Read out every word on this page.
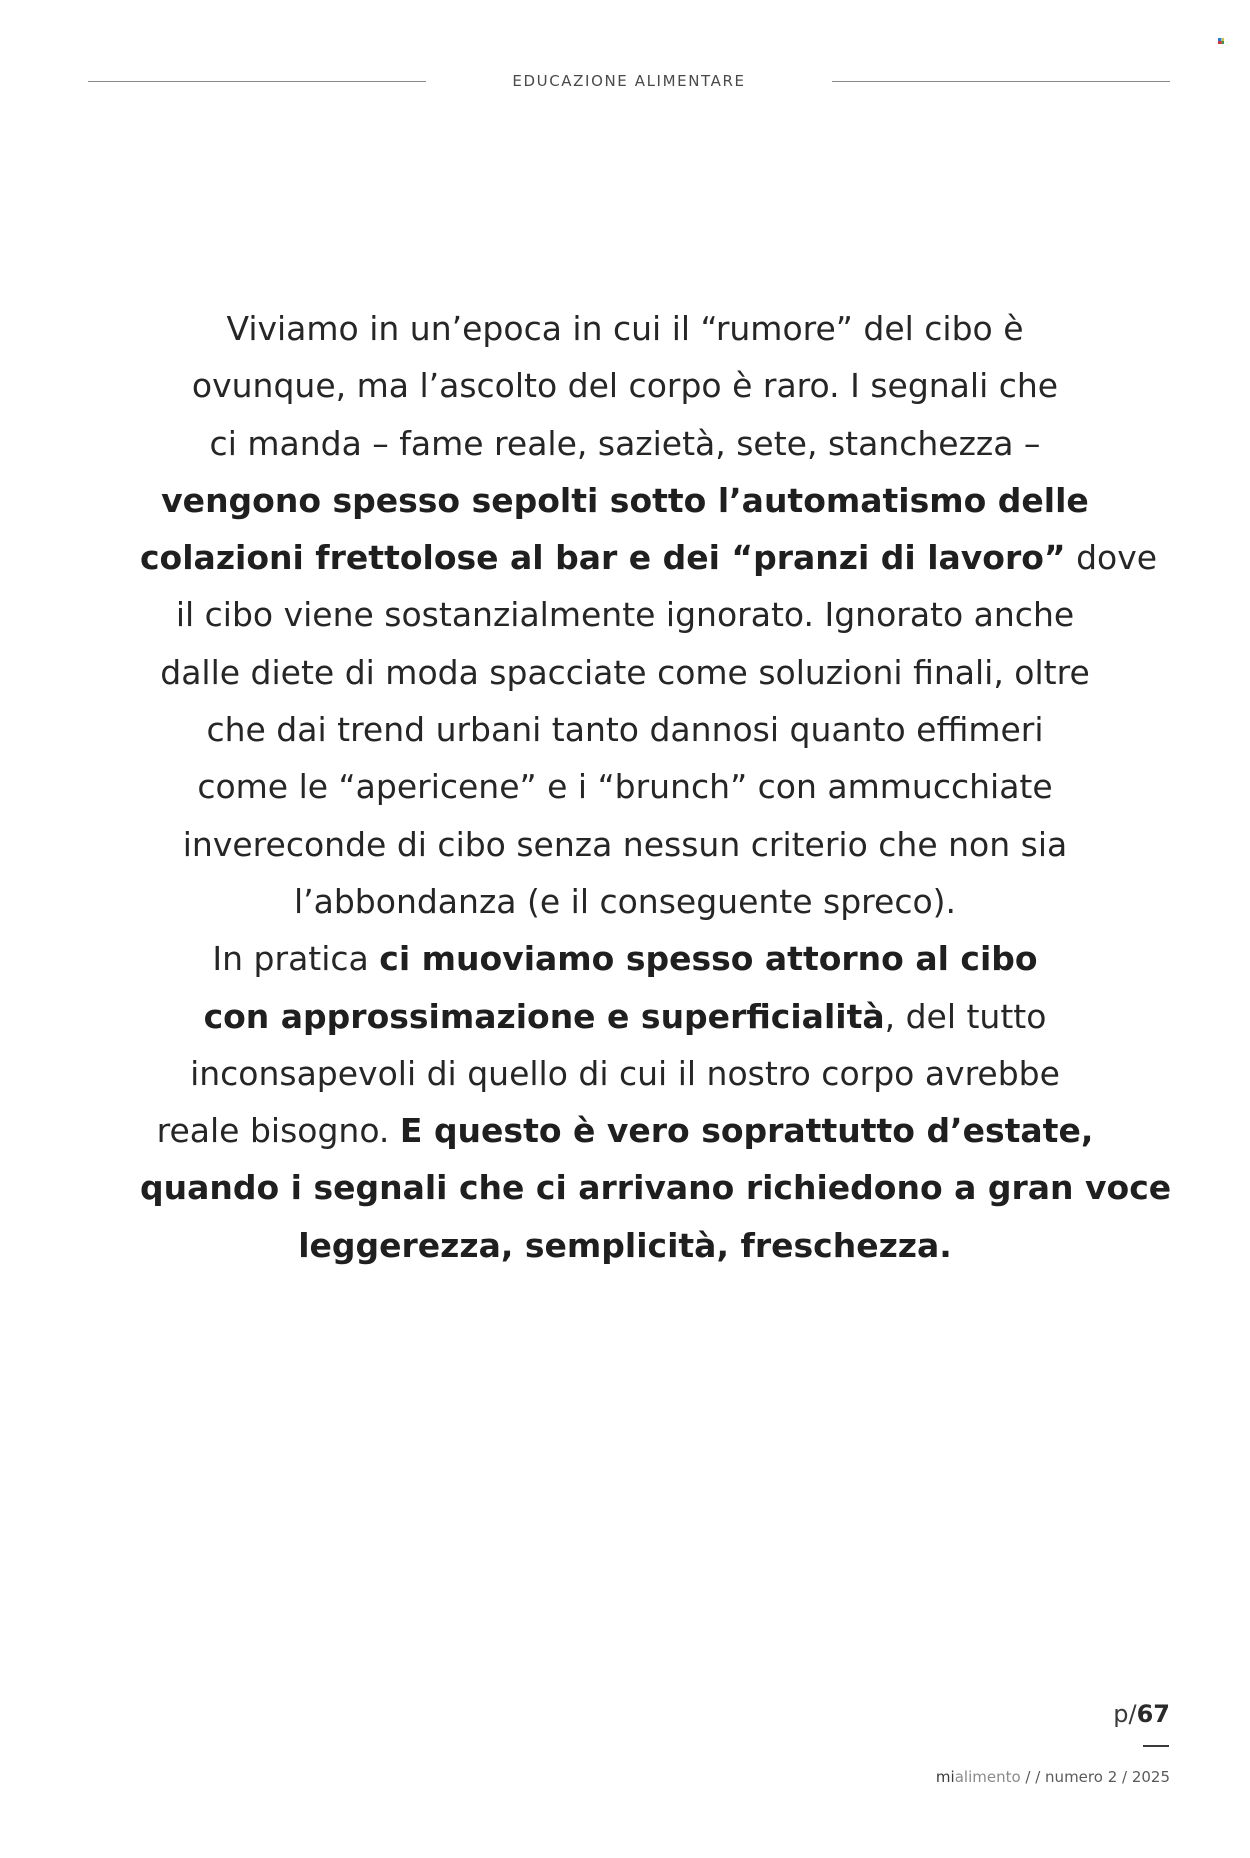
EDUCAZIONE ALIMENTARE
Viviamo in un’epoca in cui il “rumore” del cibo è
ovunque, ma l’ascolto del corpo è raro. I segnali che
ci manda – fame reale, sazietà, sete, stanchezza –
vengono spesso sepolti sotto l’automatismo delle
colazioni frettolose al bar e dei “pranzi di lavoro” dove
il cibo viene sostanzialmente ignorato. Ignorato anche
dalle diete di moda spacciate come soluzioni finali, oltre
che dai trend urbani tanto dannosi quanto effimeri
come le “apericene” e i “brunch” con ammucchiate
invereconde di cibo senza nessun criterio che non sia
l’abbondanza (e il conseguente spreco).
In pratica ci muoviamo spesso attorno al cibo
con approssimazione e superficialità, del tutto
inconsapevoli di quello di cui il nostro corpo avrebbe
reale bisogno. E questo è vero soprattutto d’estate,
quando i segnali che ci arrivano richiedono a gran voce
leggerezza, semplicità, freschezza.
p/67
mialimento / / numero 2 / 2025
